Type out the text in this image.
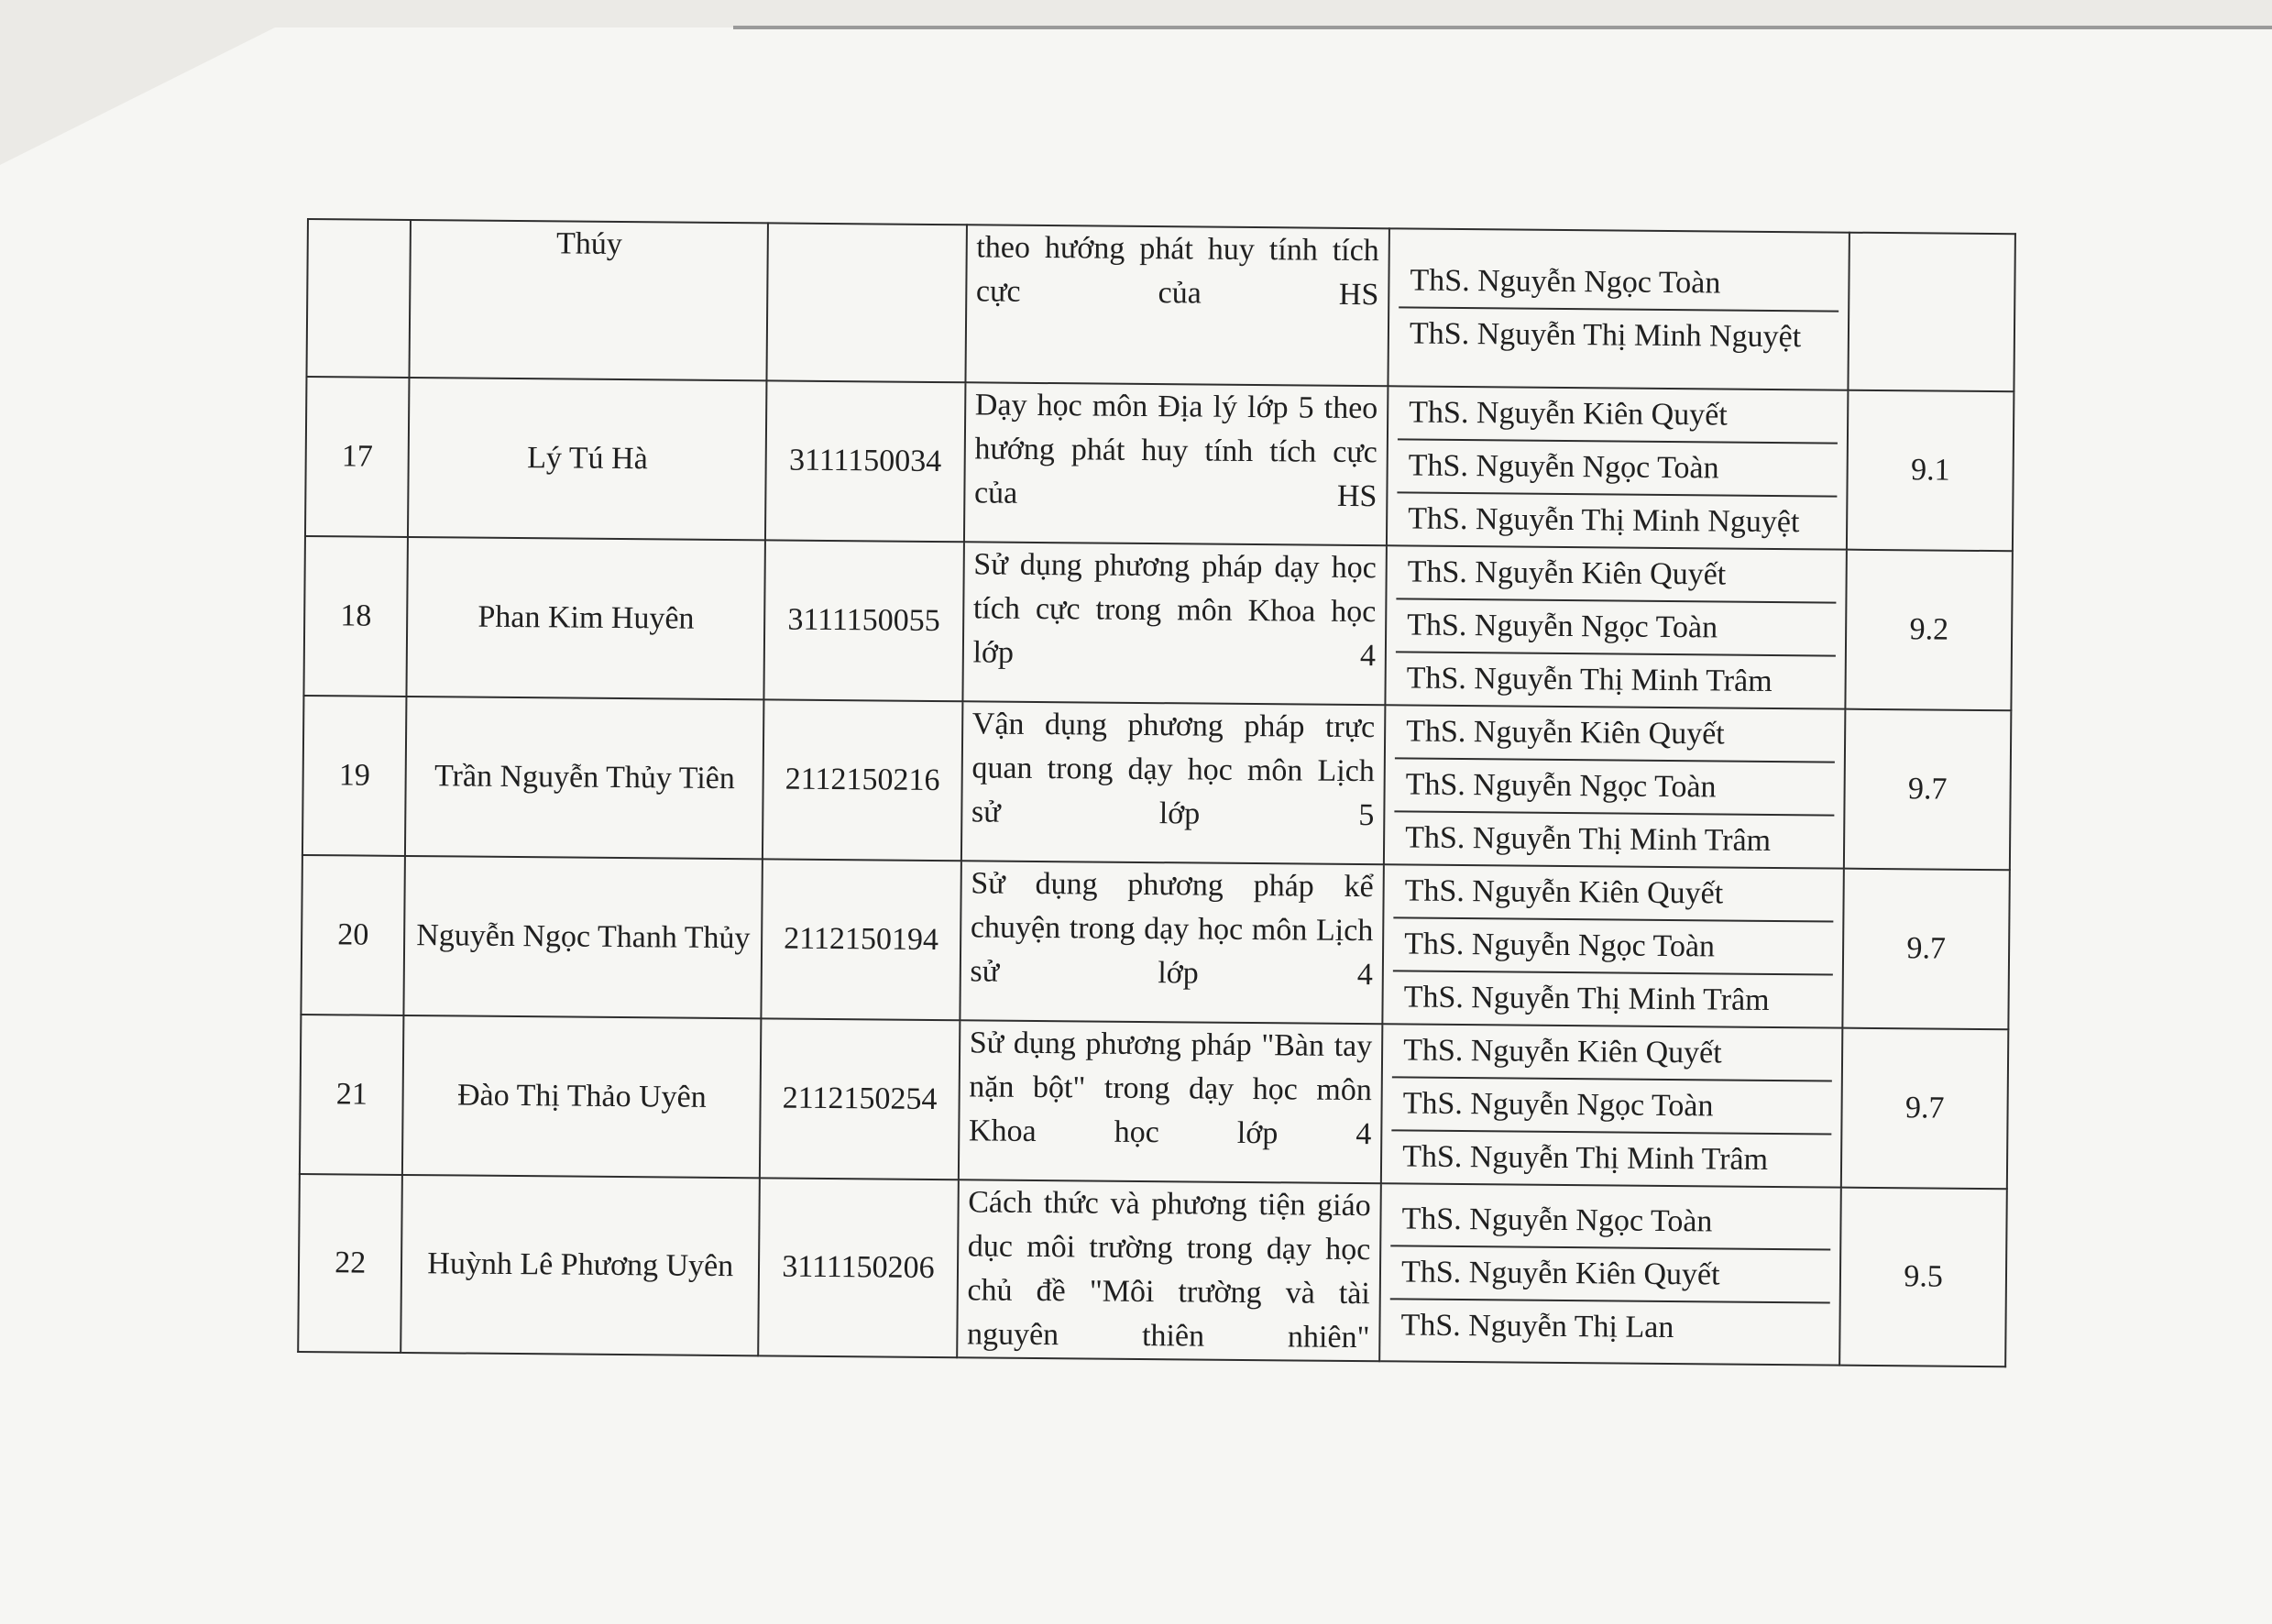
	Thúy		theo hướng phát huy tính tích cực của HS	ThS. Nguyễn Ngọc Toàn
ThS. Nguyễn Thị Minh Nguyệt	

17	Lý Tú Hà	3111150034	Dạy học môn Địa lý lớp 5 theo hướng phát huy tính tích cực của HS	ThS. Nguyễn Kiên Quyết
ThS. Nguyễn Ngọc Toàn
ThS. Nguyễn Thị Minh Nguyệt	9.1
18	Phan Kim Huyên	3111150055	Sử dụng phương pháp dạy học tích cực trong môn Khoa học lớp 4	ThS. Nguyễn Kiên Quyết
ThS. Nguyễn Ngọc Toàn
ThS. Nguyễn Thị Minh Trâm	9.2
19	Trần Nguyễn Thủy Tiên	2112150216	Vận dụng phương pháp trực quan trong dạy học môn Lịch sử lớp 5	ThS. Nguyễn Kiên Quyết
ThS. Nguyễn Ngọc Toàn
ThS. Nguyễn Thị Minh Trâm	9.7
20	Nguyễn Ngọc Thanh Thủy	2112150194	Sử dụng phương pháp kể chuyện trong dạy học môn Lịch sử lớp 4	ThS. Nguyễn Kiên Quyết
ThS. Nguyễn Ngọc Toàn
ThS. Nguyễn Thị Minh Trâm	9.7
21	Đào Thị Thảo Uyên	2112150254	Sử dụng phương pháp "Bàn tay nặn bột" trong dạy học môn Khoa học lớp 4	ThS. Nguyễn Kiên Quyết
ThS. Nguyễn Ngọc Toàn
ThS. Nguyễn Thị Minh Trâm	9.7
22	Huỳnh Lê Phương Uyên	3111150206	Cách thức và phương tiện giáo dục môi trường trong dạy học chủ đề "Môi trường và tài nguyên thiên nhiên"	ThS. Nguyễn Ngọc Toàn
ThS. Nguyễn Kiên Quyết
ThS. Nguyễn Thị Lan	9.5
